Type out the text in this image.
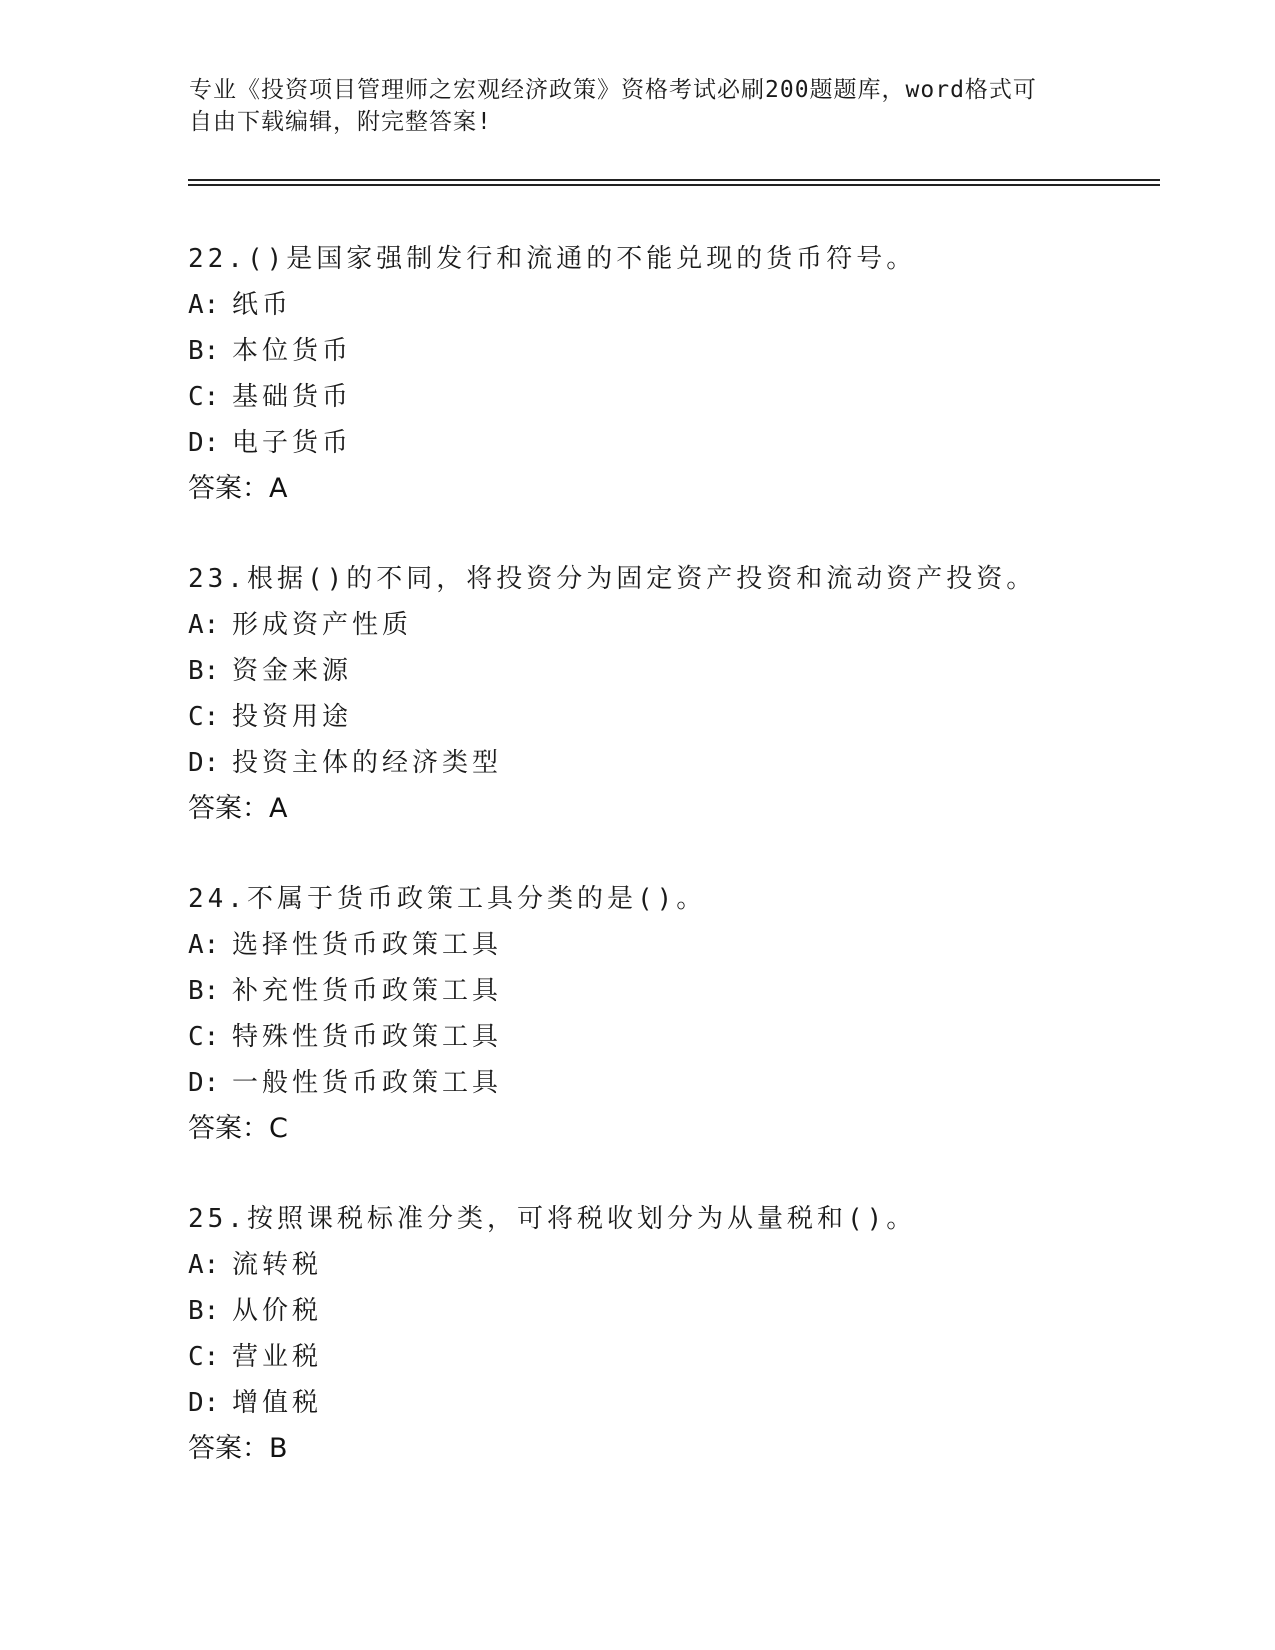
专业《投资项目管理师之宏观经济政策》资格考试必刷200题题库，word格式可
自由下载编辑，附完整答案!
22.()是国家强制发行和流通的不能兑现的货币符号。
A: 纸币
B: 本位货币
C: 基础货币
D: 电子货币
答案：A
23.根据()的不同，将投资分为固定资产投资和流动资产投资。
A: 形成资产性质
B: 资金来源
C: 投资用途
D: 投资主体的经济类型
答案：A
24.不属于货币政策工具分类的是()。
A: 选择性货币政策工具
B: 补充性货币政策工具
C: 特殊性货币政策工具
D: 一般性货币政策工具
答案：C
25.按照课税标准分类，可将税收划分为从量税和()。
A: 流转税
B: 从价税
C: 营业税
D: 增值税
答案：B
